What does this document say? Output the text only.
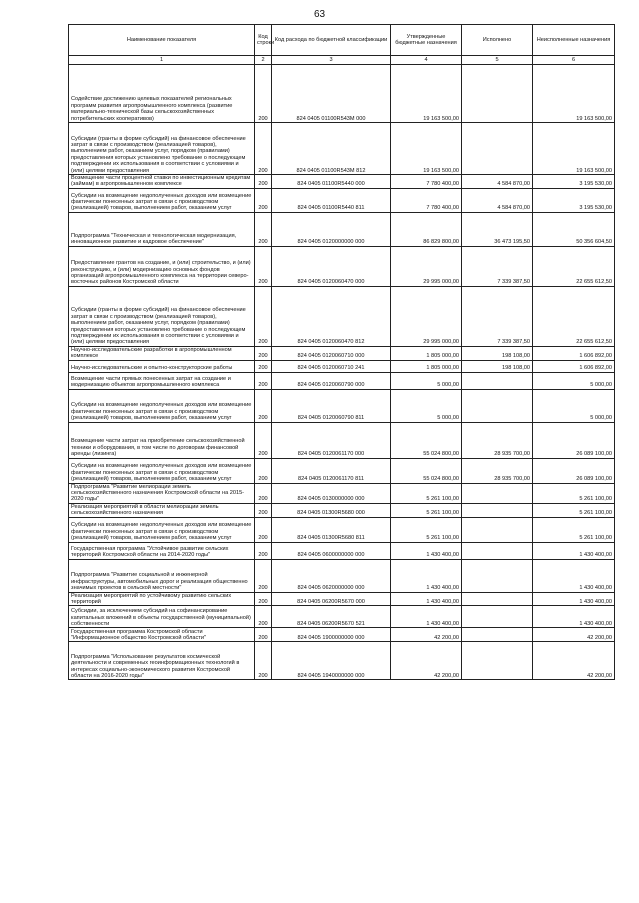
63
Наименование показателя	Код строки	Код расхода по бюджетной классификации	Утвержденные бюджетные назначения	Исполнено	Неисполненные назначения
1	2	3	4	5	6
Содействие достижению целевых показателей региональных программ развития агропромышленного комплекса (развитие материально-технической базы сельскохозяйственных потребительских кооперативов)	200	824 0405 01100R543M 000	19 163 500,00		19 163 500,00
Субсидии (гранты в форме субсидий) на финансовое обеспечение затрат в связи с производством (реализацией товаров), выполнением работ, оказанием услуг, порядком (правилами) предоставления которых установлено требование о последующем подтверждении их использования в соответствии с условиями и (или) целями предоставления	200	824 0405 01100R543M 812	19 163 500,00		19 163 500,00
Возмещение части процентной ставки по инвестиционным кредитам (займам) в агропромышленном комплексе	200	824 0405 01100R5440 000	7 780 400,00	4 584 870,00	3 195 530,00
Субсидии на возмещение недополученных доходов или возмещение фактически понесенных затрат в связи с производством (реализацией) товаров, выполнением работ, оказанием услуг	200	824 0405 01100R5440 811	7 780 400,00	4 584 870,00	3 195 530,00
Подпрограмма "Техническая и технологическая модернизация, инновационное развитие и кадровое обеспечение"	200	824 0405 0120000000 000	86 829 800,00	36 473 195,50	50 356 604,50
Предоставление грантов на создание, и (или) строительство, и (или) реконструкцию, и (или) модернизацию основных фондов организаций агропромышленного комплекса на территории северо-восточных районов Костромской области	200	824 0405 0120060470 000	29 995 000,00	7 339 387,50	22 655 612,50
Субсидии (гранты в форме субсидий) на финансовое обеспечение затрат в связи с производством (реализацией товаров), выполнением работ, оказанием услуг, порядком (правилами) предоставления которых установлено требование о последующем подтверждении их использования в соответствии с условиями и (или) целями предоставления	200	824 0405 0120060470 812	29 995 000,00	7 339 387,50	22 655 612,50
Научно-исследовательские разработки в агропромышленном комплексе	200	824 0405 0120060710 000	1 805 000,00	198 108,00	1 606 892,00
Научно-исследовательские и опытно-конструкторские работы	200	824 0405 0120060710 241	1 805 000,00	198 108,00	1 606 892,00
Возмещение части прямых понесенных затрат на создание и модернизацию объектов агропромышленного комплекса	200	824 0405 0120060790 000	5 000,00		5 000,00
Субсидии на возмещение недополученных доходов или возмещение фактически понесенных затрат в связи с производством (реализацией) товаров, выполнением работ, оказанием услуг	200	824 0405 0120060790 811	5 000,00		5 000,00
Возмещение части затрат на приобретение сельскохозяйственной техники и оборудования, в том числе по договорам финансовой аренды (лизинга)	200	824 0405 0120061170 000	55 024 800,00	28 935 700,00	26 089 100,00
Субсидии на возмещение недополученных доходов или возмещение фактически понесенных затрат в связи с производством (реализацией) товаров, выполнением работ, оказанием услуг	200	824 0405 0120061170 811	55 024 800,00	28 935 700,00	26 089 100,00
Подпрограмма "Развитие мелиорации земель сельскохозяйственного назначения Костромской области на 2015-2020 годы"	200	824 0405 0130000000 000	5 261 100,00		5 261 100,00
Реализация мероприятий в области мелиорации земель сельскохозяйственного назначения	200	824 0405 01300R5680 000	5 261 100,00		5 261 100,00
Субсидии на возмещение недополученных доходов или возмещение фактически понесенных затрат в связи с производством (реализацией) товаров, выполнением работ, оказанием услуг	200	824 0405 01300R5680 811	5 261 100,00		5 261 100,00
Государственная программа "Устойчивое развитие сельских территорий Костромской области на 2014-2020 годы"	200	824 0405 0600000000 000	1 430 400,00		1 430 400,00
Подпрограмма "Развитие социальной и инженерной инфраструктуры, автомобильных дорог и реализация общественно значимых проектов в сельской местности"	200	824 0405 0620000000 000	1 430 400,00		1 430 400,00
Реализация мероприятий по устойчивому развитию сельских территорий	200	824 0405 06200R5670 000	1 430 400,00		1 430 400,00
Субсидии, за исключением субсидий на софинансирование капитальных вложений в объекты государственной (муниципальной) собственности	200	824 0405 06200R5670 521	1 430 400,00		1 430 400,00
Государственная программа Костромской области "Информационное общество Костромской области"	200	824 0405 1900000000 000	42 200,00		42 200,00
Подпрограмма "Использование результатов космической деятельности и современных геоинформационных технологий в интересах социально-экономического развития Костромской области на 2016-2020 годы"	200	824 0405 1940000000 000	42 200,00		42 200,00
